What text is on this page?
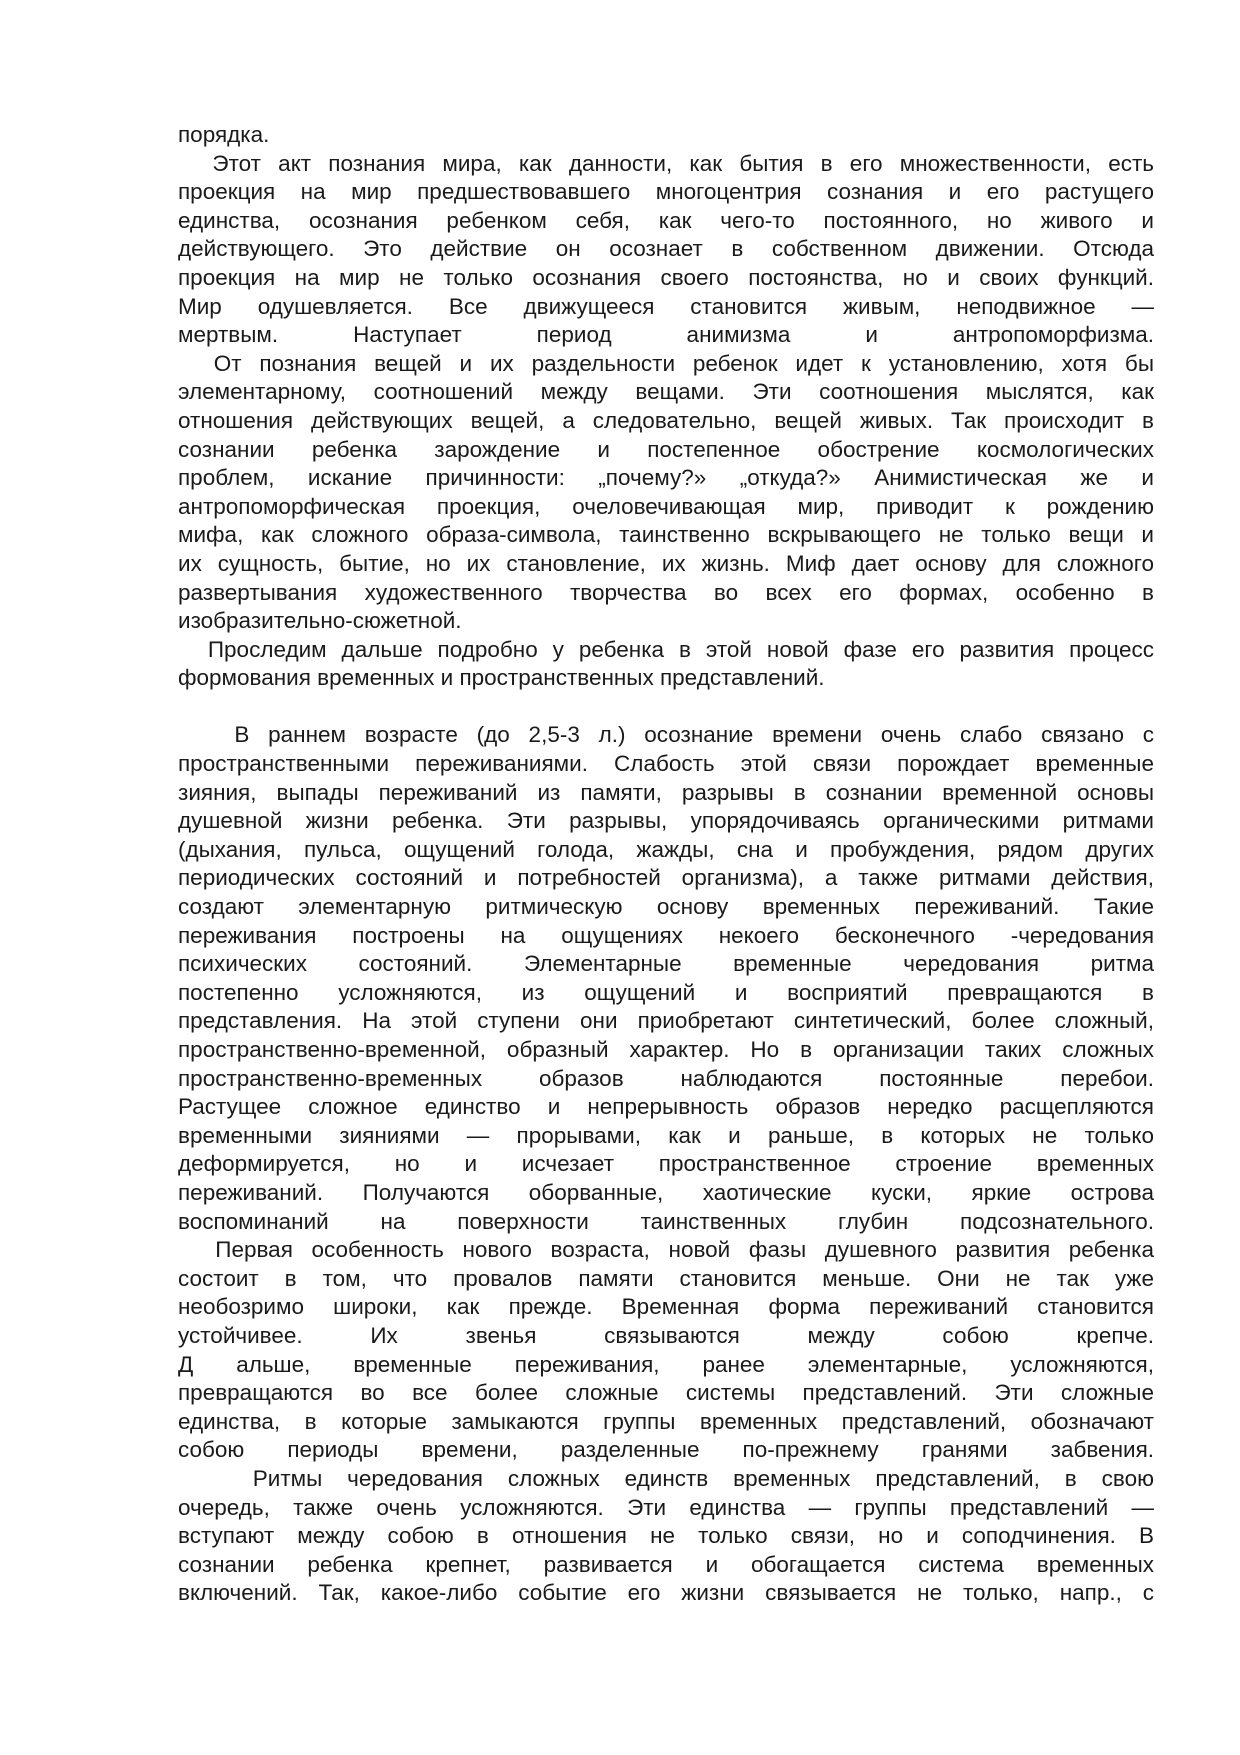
порядка.
Этот акт познания мира, как данности, как бытия в его множественности, есть
проекция на мир предшествовавшего многоцентрия сознания и его растущего
единства, осознания ребенком себя, как чего-то постоянного, но живого и
действующего. Это действие он осознает в собственном движении. Отсюда
проекция на мир не только осознания своего постоянства, но и своих функций.
Мир одушевляется. Все движущееся становится живым, неподвижное —
мертвым. Наступает период анимизма и антропоморфизма.
От познания вещей и их раздельности ребенок идет к установлению, хотя бы
элементарному, соотношений между вещами. Эти соотношения мыслятся, как
отношения действующих вещей, а следовательно, вещей живых. Так происходит в
сознании ребенка зарождение и постепенное обострение космологических
проблем, искание причинности: „почему?» „откуда?» Анимистическая же и
антропоморфическая проекция, очеловечивающая мир, приводит к рождению
мифа, как сложного образа-символа, таинственно вскрывающего не только вещи и
их сущность, бытие, но их становление, их жизнь. Миф дает основу для сложного
развертывания художественного творчества во всех его формах, особенно в
изобразительно-сюжетной.
Проследим дальше подробно у ребенка в этой новой фазе его развития процесс
формования временных и пространственных представлений.
В раннем возрасте (до 2,5-3 л.) осознание времени очень слабо связано с
пространственными переживаниями. Слабость этой связи порождает временные
зияния, выпады переживаний из памяти, разрывы в сознании временной основы
душевной жизни ребенка. Эти разрывы, упорядочиваясь органическими ритмами
(дыхания, пульса, ощущений голода, жажды, сна и пробуждения, рядом других
периодических состояний и потребностей организма), а также ритмами действия,
создают элементарную ритмическую основу временных переживаний. Такие
переживания построены на ощущениях некоего бесконечного -чередования
психических состояний. Элементарные временные чередования ритма
постепенно усложняются, из ощущений и восприятий превращаются в
представления. На этой ступени они приобретают синтетический, более сложный,
пространственно-временной, образный характер. Но в организации таких сложных
пространственно-временных образов наблюдаются постоянные перебои.
Растущее сложное единство и непрерывность образов нередко расщепляются
временными зияниями — прорывами, как и раньше, в которых не только
деформируется, но и исчезает пространственное строение временных
переживаний. Получаются оборванные, хаотические куски, яркие острова
воспоминаний на поверхности таинственных глубин подсознательного.
Первая особенность нового возраста, новой фазы душевного развития ребенка
состоит в том, что провалов памяти становится меньше. Они не так уже
необозримо широки, как прежде. Временная форма переживаний становится
устойчивее. Их звенья связываются между собою крепче.
Д альше, временные переживания, ранее элементарные, усложняются,
превращаются во все более сложные системы представлений. Эти сложные
единства, в которые замыкаются группы временных представлений, обозначают
собою периоды времени, разделенные по-прежнему гранями забвения.
Ритмы чередования сложных единств временных представлений, в свою
очередь, также очень усложняются. Эти единства — группы представлений —
вступают между собою в отношения не только связи, но и соподчинения. В
сознании ребенка крепнет, развивается и обогащается система временных
включений. Так, какое-либо событие его жизни связывается не только, напр., с
